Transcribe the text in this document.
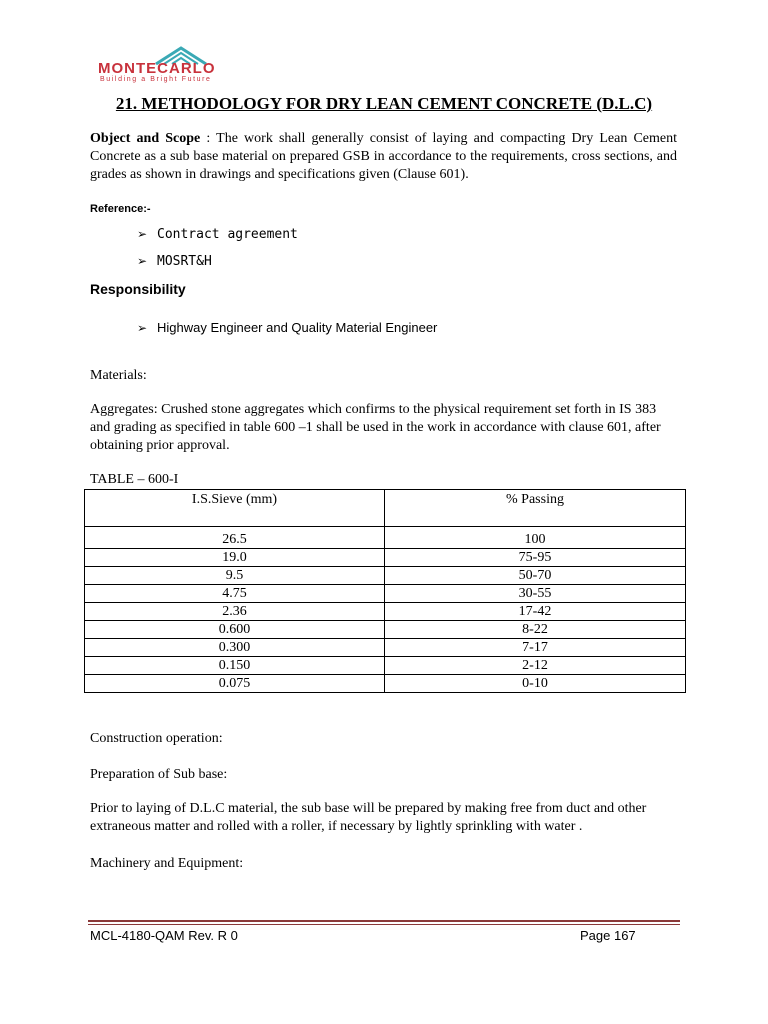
MONTECARLO
Building a Bright Future
21. METHODOLOGY FOR DRY LEAN CEMENT CONCRETE (D.L.C)
Object and Scope : The work shall generally consist of laying and compacting Dry Lean Cement Concrete as a sub base material on prepared GSB in accordance to the requirements, cross sections, and grades as shown in drawings and specifications given (Clause 601).
Reference:-
➢ Contract agreement
➢ MOSRT&H
Responsibility
➢ Highway Engineer and Quality Material Engineer
Materials:
Aggregates: Crushed stone aggregates which confirms to the physical requirement set forth in IS 383 and grading as specified in table 600 –1 shall be used in the work in accordance with clause 601, after obtaining prior approval.
TABLE – 600-I
I.S.Sieve (mm)	% Passing
26.5	100
19.0	75-95
9.5	50-70
4.75	30-55
2.36	17-42
0.600	8-22
0.300	7-17
0.150	2-12
0.075	0-10
Construction operation:
Preparation of Sub base:
Prior to laying of D.L.C material, the sub base will be prepared by making free from duct and other extraneous matter and rolled with a roller, if necessary by lightly sprinkling with water .
Machinery and Equipment:
MCL-4180-QAM Rev. R 0	Page 167
